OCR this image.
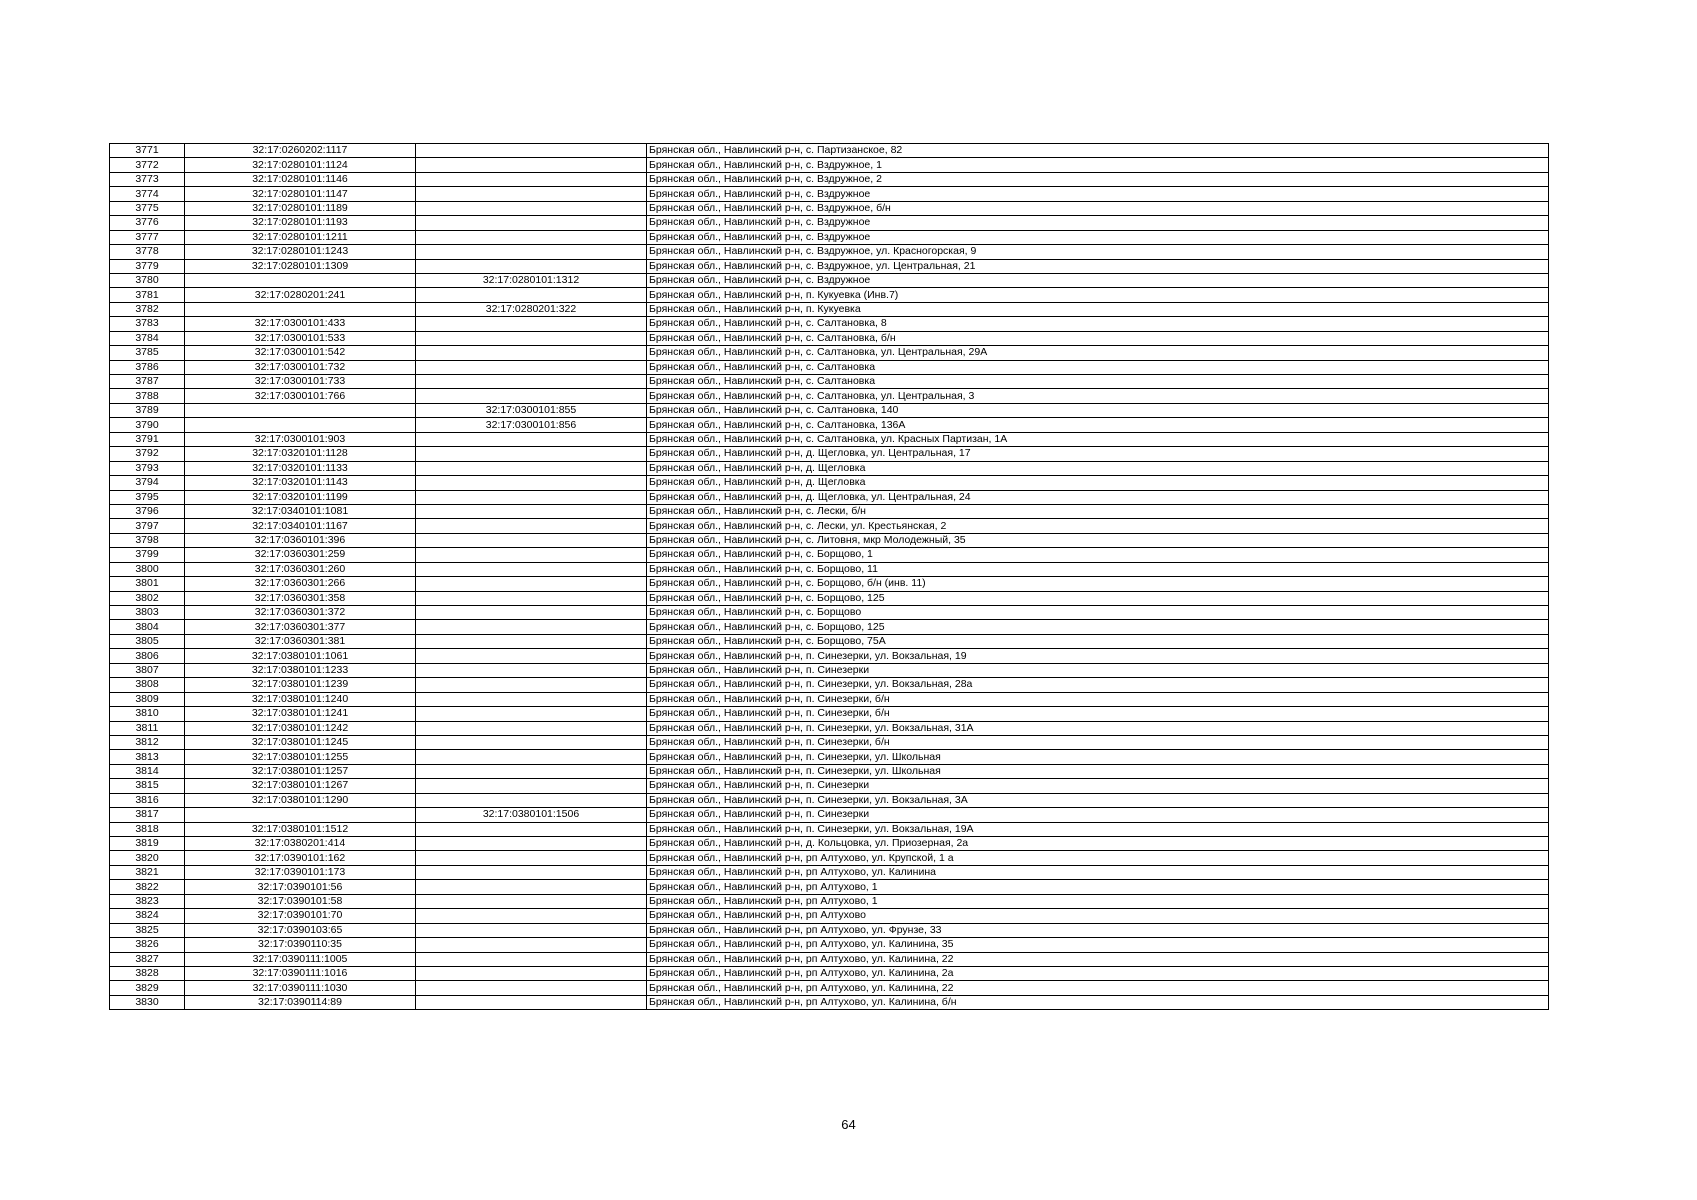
3771	32:17:0260202:1117		Брянская обл., Навлинский р-н, с. Партизанское, 82
3772	32:17:0280101:1124		Брянская обл., Навлинский р-н, с. Вздружное, 1
3773	32:17:0280101:1146		Брянская обл., Навлинский р-н, с. Вздружное, 2
3774	32:17:0280101:1147		Брянская обл., Навлинский р-н, с. Вздружное
3775	32:17:0280101:1189		Брянская обл., Навлинский р-н, с. Вздружное, б/н
3776	32:17:0280101:1193		Брянская обл., Навлинский р-н, с. Вздружное
3777	32:17:0280101:1211		Брянская обл., Навлинский р-н, с. Вздружное
3778	32:17:0280101:1243		Брянская обл., Навлинский р-н, с. Вздружное, ул. Красногорская, 9
3779	32:17:0280101:1309		Брянская обл., Навлинский р-н, с. Вздружное, ул. Центральная, 21
3780		32:17:0280101:1312	Брянская обл., Навлинский р-н, с. Вздружное
3781	32:17:0280201:241		Брянская обл., Навлинский р-н, п. Кукуевка (Инв.7)
3782		32:17:0280201:322	Брянская обл., Навлинский р-н, п. Кукуевка
3783	32:17:0300101:433		Брянская обл., Навлинский р-н, с. Салтановка, 8
3784	32:17:0300101:533		Брянская обл., Навлинский р-н, с. Салтановка, б/н
3785	32:17:0300101:542		Брянская обл., Навлинский р-н, с. Салтановка, ул. Центральная, 29А
3786	32:17:0300101:732		Брянская обл., Навлинский р-н, с. Салтановка
3787	32:17:0300101:733		Брянская обл., Навлинский р-н, с. Салтановка
3788	32:17:0300101:766		Брянская обл., Навлинский р-н, с. Салтановка, ул. Центральная, 3
3789		32:17:0300101:855	Брянская обл., Навлинский р-н, с. Салтановка, 140
3790		32:17:0300101:856	Брянская обл., Навлинский р-н, с. Салтановка, 136А
3791	32:17:0300101:903		Брянская обл., Навлинский р-н, с. Салтановка, ул. Красных Партизан, 1А
3792	32:17:0320101:1128		Брянская обл., Навлинский р-н, д. Щегловка, ул. Центральная, 17
3793	32:17:0320101:1133		Брянская обл., Навлинский р-н, д. Щегловка
3794	32:17:0320101:1143		Брянская обл., Навлинский р-н, д. Щегловка
3795	32:17:0320101:1199		Брянская обл., Навлинский р-н, д. Щегловка, ул. Центральная, 24
3796	32:17:0340101:1081		Брянская обл., Навлинский р-н, с. Лески, б/н
3797	32:17:0340101:1167		Брянская обл., Навлинский р-н, с. Лески, ул. Крестьянская, 2
3798	32:17:0360101:396		Брянская обл., Навлинский р-н, с. Литовня, мкр Молодежный, 35
3799	32:17:0360301:259		Брянская обл., Навлинский р-н, с. Борщово, 1
3800	32:17:0360301:260		Брянская обл., Навлинский р-н, с. Борщово, 11
3801	32:17:0360301:266		Брянская обл., Навлинский р-н, с. Борщово, б/н (инв. 11)
3802	32:17:0360301:358		Брянская обл., Навлинский р-н, с. Борщово, 125
3803	32:17:0360301:372		Брянская обл., Навлинский р-н, с. Борщово
3804	32:17:0360301:377		Брянская обл., Навлинский р-н, с. Борщово, 125
3805	32:17:0360301:381		Брянская обл., Навлинский р-н, с. Борщово, 75А
3806	32:17:0380101:1061		Брянская обл., Навлинский р-н, п. Синезерки, ул. Вокзальная, 19
3807	32:17:0380101:1233		Брянская обл., Навлинский р-н, п. Синезерки
3808	32:17:0380101:1239		Брянская обл., Навлинский р-н, п. Синезерки, ул. Вокзальная, 28а
3809	32:17:0380101:1240		Брянская обл., Навлинский р-н, п. Синезерки, б/н
3810	32:17:0380101:1241		Брянская обл., Навлинский р-н, п. Синезерки, б/н
3811	32:17:0380101:1242		Брянская обл., Навлинский р-н, п. Синезерки, ул. Вокзальная, 31А
3812	32:17:0380101:1245		Брянская обл., Навлинский р-н, п. Синезерки, б/н
3813	32:17:0380101:1255		Брянская обл., Навлинский р-н, п. Синезерки, ул. Школьная
3814	32:17:0380101:1257		Брянская обл., Навлинский р-н, п. Синезерки, ул. Школьная
3815	32:17:0380101:1267		Брянская обл., Навлинский р-н, п. Синезерки
3816	32:17:0380101:1290		Брянская обл., Навлинский р-н, п. Синезерки, ул. Вокзальная, 3А
3817		32:17:0380101:1506	Брянская обл., Навлинский р-н, п. Синезерки
3818	32:17:0380101:1512		Брянская обл., Навлинский р-н, п. Синезерки, ул. Вокзальная, 19А
3819	32:17:0380201:414		Брянская обл., Навлинский р-н, д. Кольцовка, ул. Приозерная, 2а
3820	32:17:0390101:162		Брянская обл., Навлинский р-н, рп Алтухово, ул. Крупской, 1 а
3821	32:17:0390101:173		Брянская обл., Навлинский р-н, рп Алтухово, ул. Калинина
3822	32:17:0390101:56		Брянская обл., Навлинский р-н, рп Алтухово, 1
3823	32:17:0390101:58		Брянская обл., Навлинский р-н, рп Алтухово, 1
3824	32:17:0390101:70		Брянская обл., Навлинский р-н, рп Алтухово
3825	32:17:0390103:65		Брянская обл., Навлинский р-н, рп Алтухово, ул. Фрунзе, 33
3826	32:17:0390110:35		Брянская обл., Навлинский р-н, рп Алтухово, ул. Калинина, 35
3827	32:17:0390111:1005		Брянская обл., Навлинский р-н, рп Алтухово, ул. Калинина, 22
3828	32:17:0390111:1016		Брянская обл., Навлинский р-н, рп Алтухово, ул. Калинина, 2а
3829	32:17:0390111:1030		Брянская обл., Навлинский р-н, рп Алтухово, ул. Калинина, 22
3830	32:17:0390114:89		Брянская обл., Навлинский р-н, рп Алтухово, ул. Калинина, б/н
64
